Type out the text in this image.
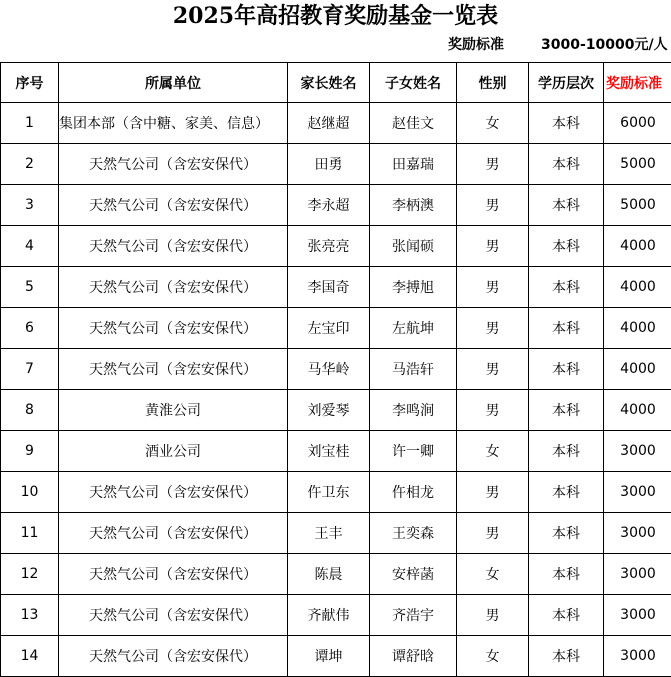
2025年高招教育奖励基金一览表
奖励标准	3000-10000元/人
序号	所属单位	家长姓名	子女姓名	性别	学历层次	奖励标准
1	集团本部（含中糖、家美、信息）	赵继超	赵佳文	女	本科	6000
2	天然气公司（含宏安保代）	田勇	田嘉瑞	男	本科	5000
3	天然气公司（含宏安保代）	李永超	李柄澳	男	本科	5000
4	天然气公司（含宏安保代）	张亮亮	张闻硕	男	本科	4000
5	天然气公司（含宏安保代）	李国奇	李搏旭	男	本科	4000
6	天然气公司（含宏安保代）	左宝印	左航坤	男	本科	4000
7	天然气公司（含宏安保代）	马华岭	马浩轩	男	本科	4000
8	黄淮公司	刘爱琴	李鸣涧	男	本科	4000
9	酒业公司	刘宝桂	许一卿	女	本科	3000
10	天然气公司（含宏安保代）	仵卫东	仵相龙	男	本科	3000
11	天然气公司（含宏安保代）	王丰	王奕森	男	本科	3000
12	天然气公司（含宏安保代）	陈晨	安梓菡	女	本科	3000
13	天然气公司（含宏安保代）	齐献伟	齐浩宇	男	本科	3000
14	天然气公司（含宏安保代）	谭坤	谭舒晗	女	本科	3000
